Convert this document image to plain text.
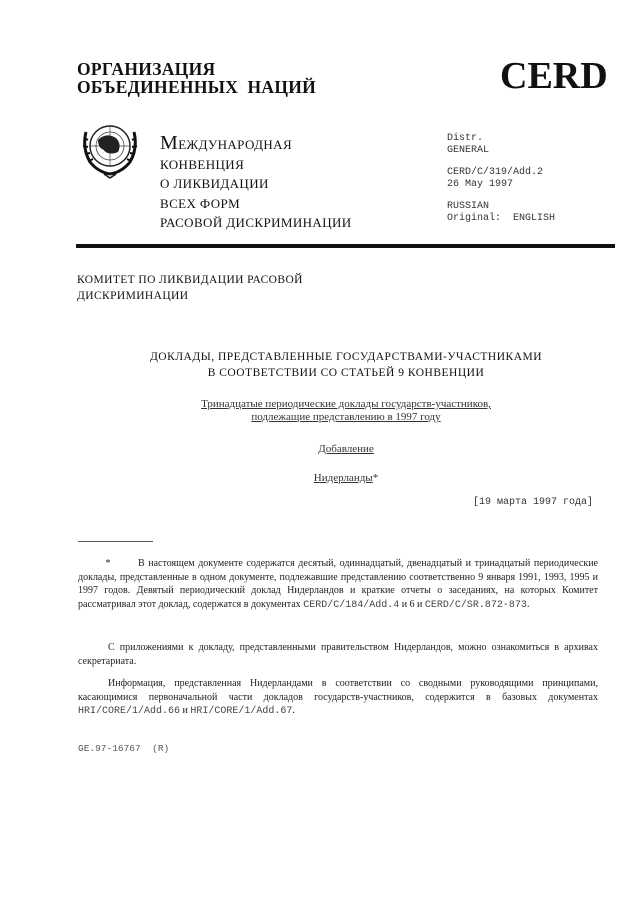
ОРГАНИЗАЦИЯ
ОБЪЕДИНЕННЫХ  НАЦИЙ	CERD
МЕЖДУНАРОДНАЯ
КОНВЕНЦИЯ
О ЛИКВИДАЦИИ
ВСЕХ ФОРМ
РАСОВОЙ ДИСКРИМИНАЦИИ
Distr.
GENERAL
CERD/C/319/Add.2
26 May 1997
RUSSIAN
Original:  ENGLISH
КОМИТЕТ ПО ЛИКВИДАЦИИ РАСОВОЙ
ДИСКРИМИНАЦИИ
ДОКЛАДЫ, ПРЕДСТАВЛЕННЫЕ ГОСУДАРСТВАМИ-УЧАСТНИКАМИ
В СООТВЕТСТВИИ СО СТАТЬЕЙ 9 КОНВЕНЦИИ
Тринадцатые периодические доклады государств-участников,
подлежащие представлению в 1997 году
Добавление
Нидерланды*
[19 марта 1997 года]
*	В настоящем документе содержатся десятый, одиннадцатый, двенадцатый и тринадцатый периодические доклады, представленные в одном документе, подлежавшие представлению соответственно 9 января 1991, 1993, 1995 и 1997 годов. Девятый периодический доклад Нидерландов и краткие отчеты о заседаниях, на которых Комитет рассматривал этот доклад, содержатся в документах CERD/C/184/Add.4 и 6 и CERD/C/SR.872-873.
С приложениями к докладу, представленными правительством Нидерландов, можно ознакомиться в архивах секретариата.
Информация, представленная Нидерландами в соответствии со сводными руководящими принципами, касающимися первоначальной части докладов государств-участников, содержится в базовых документах HRI/CORE/1/Add.66 и HRI/CORE/1/Add.67.
GE.97-16767  (R)
